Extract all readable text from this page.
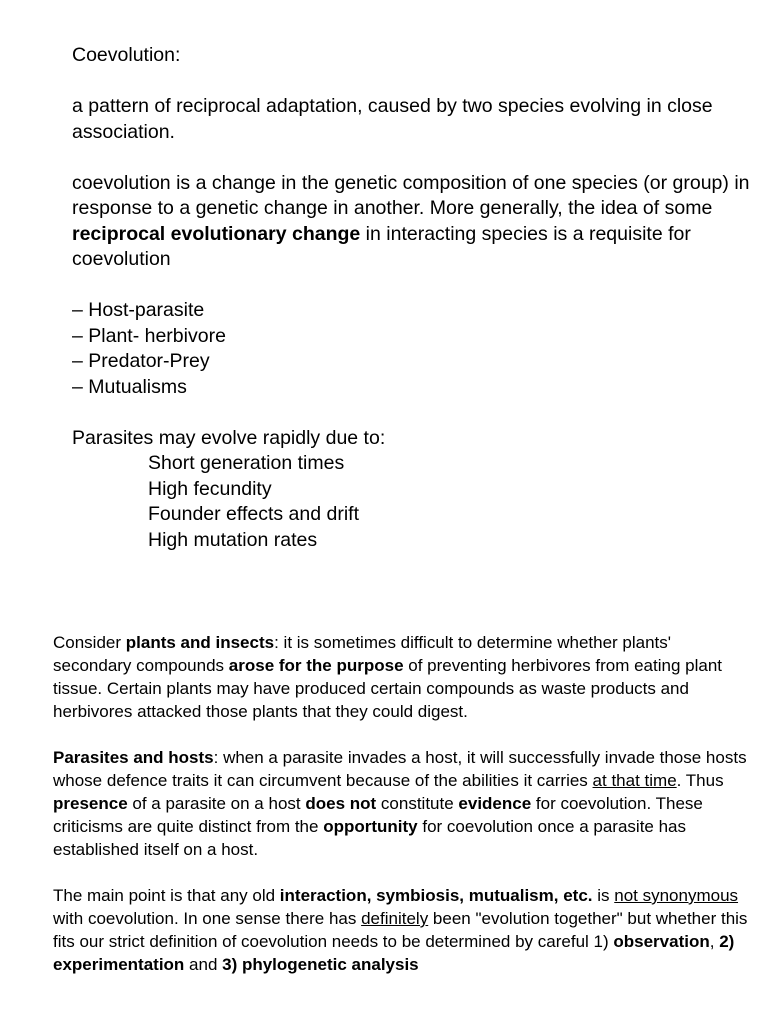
Coevolution:

a pattern of reciprocal adaptation, caused by two species evolving in close association.

coevolution is a change in the genetic composition of one species (or group) in response to a genetic change in another. More generally, the idea of some reciprocal evolutionary change in interacting species is a requisite for coevolution

– Host-parasite

– Plant- herbivore

– Predator-Prey

– Mutualisms

Parasites may evolve rapidly due to:

Short generation times

High fecundity

Founder effects and drift

High mutation rates

Consider plants and insects: it is sometimes difficult to determine whether plants' secondary compounds arose for the purpose of preventing herbivores from eating plant tissue. Certain plants may have produced certain compounds as waste products and herbivores attacked those plants that they could digest.

Parasites and hosts: when a parasite invades a host, it will successfully invade those hosts whose defence traits it can circumvent because of the abilities it carries at that time. Thus presence of a parasite on a host does not constitute evidence for coevolution. These criticisms are quite distinct from the opportunity for coevolution once a parasite has established itself on a host.

The main point is that any old interaction, symbiosis, mutualism, etc. is not synonymous with coevolution. In one sense there has definitely been "evolution together" but whether this fits our strict definition of coevolution needs to be determined by careful 1) observation, 2) experimentation and 3) phylogenetic analysis
